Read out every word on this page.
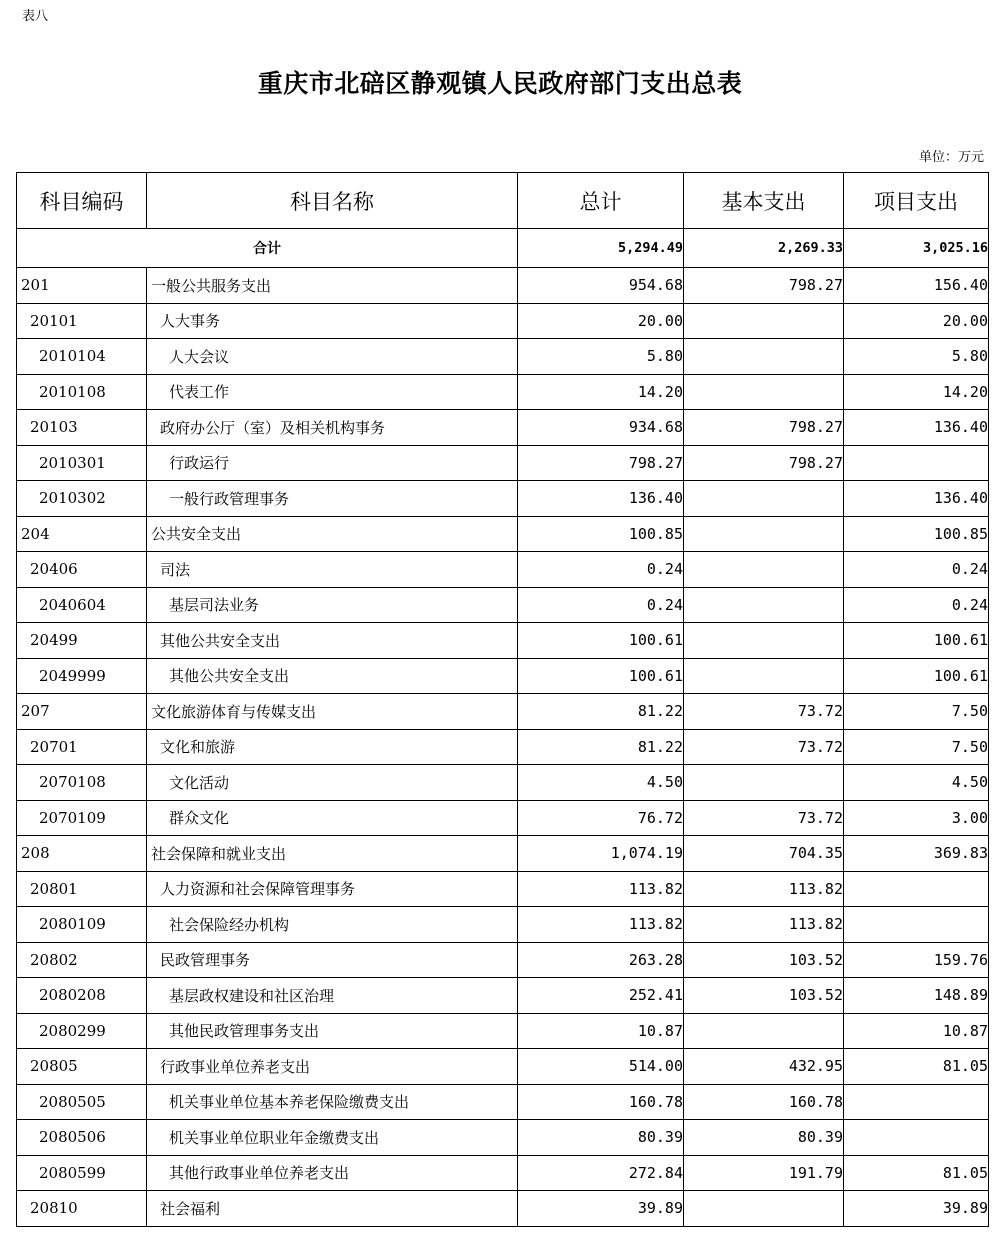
表八
重庆市北碚区静观镇人民政府部门支出总表
单位：万元
科目编码	科目名称	总计	基本支出	项目支出
合计		5,294.49	2,269.33	3,025.16
201	一般公共服务支出	954.68	798.27	156.40
20101	人大事务	20.00		20.00
2010104	人大会议	5.80		5.80
2010108	代表工作	14.20		14.20
20103	政府办公厅（室）及相关机构事务	934.68	798.27	136.40
2010301	行政运行	798.27	798.27	
2010302	一般行政管理事务	136.40		136.40
204	公共安全支出	100.85		100.85
20406	司法	0.24		0.24
2040604	基层司法业务	0.24		0.24
20499	其他公共安全支出	100.61		100.61
2049999	其他公共安全支出	100.61		100.61
207	文化旅游体育与传媒支出	81.22	73.72	7.50
20701	文化和旅游	81.22	73.72	7.50
2070108	文化活动	4.50		4.50
2070109	群众文化	76.72	73.72	3.00
208	社会保障和就业支出	1,074.19	704.35	369.83
20801	人力资源和社会保障管理事务	113.82	113.82	
2080109	社会保险经办机构	113.82	113.82	
20802	民政管理事务	263.28	103.52	159.76
2080208	基层政权建设和社区治理	252.41	103.52	148.89
2080299	其他民政管理事务支出	10.87		10.87
20805	行政事业单位养老支出	514.00	432.95	81.05
2080505	机关事业单位基本养老保险缴费支出	160.78	160.78	
2080506	机关事业单位职业年金缴费支出	80.39	80.39	
2080599	其他行政事业单位养老支出	272.84	191.79	81.05
20810	社会福利	39.89		39.89
